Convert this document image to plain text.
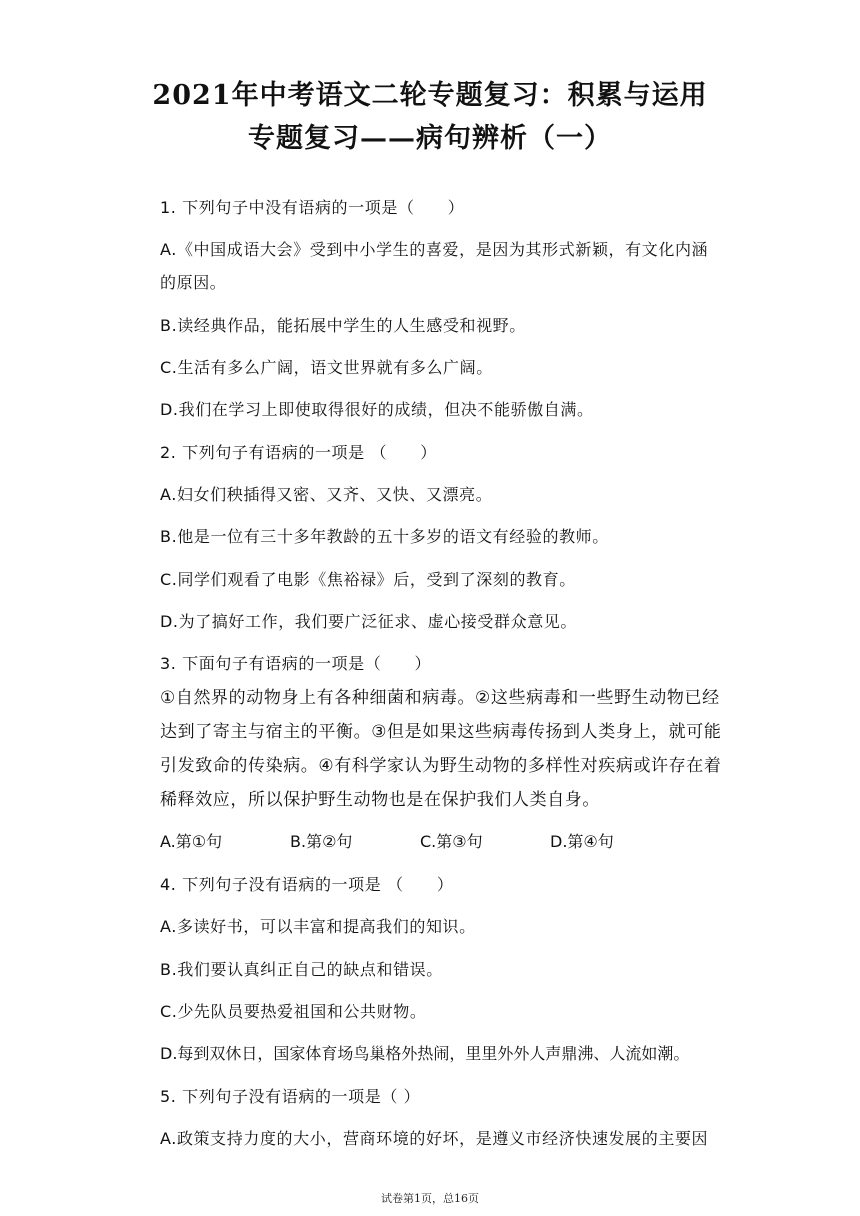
2021年中考语文二轮专题复习：积累与运用
专题复习——病句辨析（一）
1. 下列句子中没有语病的一项是（　　）
A.《中国成语大会》受到中小学生的喜爱，是因为其形式新颖，有文化内涵
的原因。
B.读经典作品，能拓展中学生的人生感受和视野。
C.生活有多么广阔，语文世界就有多么广阔。
D.我们在学习上即使取得很好的成绩，但决不能骄傲自满。
2. 下列句子有语病的一项是 （　　）
A.妇女们秧插得又密、又齐、又快、又漂亮。
B.他是一位有三十多年教龄的五十多岁的语文有经验的教师。
C.同学们观看了电影《焦裕禄》后，受到了深刻的教育。
D.为了搞好工作，我们要广泛征求、虚心接受群众意见。
3. 下面句子有语病的一项是（　　）
①自然界的动物身上有各种细菌和病毒。②这些病毒和一些野生动物已经
达到了寄主与宿主的平衡。③但是如果这些病毒传扬到人类身上，就可能
引发致命的传染病。④有科学家认为野生动物的多样性对疾病或许存在着
稀释效应，所以保护野生动物也是在保护我们人类自身。
A.第①句	B.第②句	C.第③句	D.第④句
4. 下列句子没有语病的一项是 （　　）
A.多读好书，可以丰富和提高我们的知识。
B.我们要认真纠正自己的缺点和错误。
C.少先队员要热爱祖国和公共财物。
D.每到双休日，国家体育场鸟巢格外热闹，里里外外人声鼎沸、人流如潮。
5. 下列句子没有语病的一项是（ ）
A.政策支持力度的大小，营商环境的好坏，是遵义市经济快速发展的主要因
试卷第1页，总16页
